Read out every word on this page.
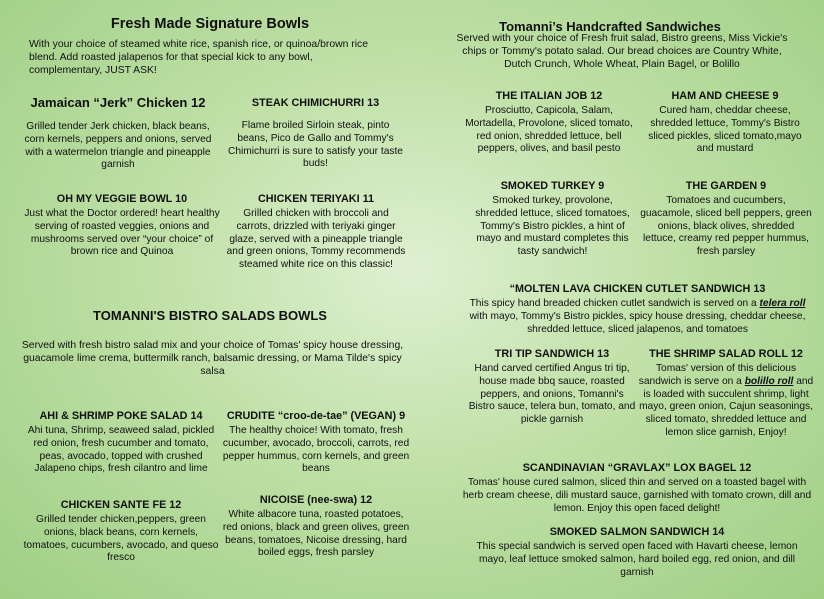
Fresh Made Signature Bowls
With your choice of steamed white rice, spanish rice, or quinoa/brown rice blend. Add roasted jalapenos for that special kick to any bowl, complementary, JUST ASK!
Jamaican “Jerk” Chicken 12
Grilled tender Jerk chicken, black beans, corn kernels, peppers and onions, served with a watermelon triangle and pineapple garnish
STEAK CHIMICHURRI 13
Flame broiled Sirloin steak, pinto beans, Pico de Gallo and Tommy's Chimichurri is sure to satisfy your taste buds!
OH MY VEGGIE BOWL 10
Just what the Doctor ordered! heart healthy serving of roasted veggies, onions and mushrooms served over “your choice” of brown rice and Quinoa
CHICKEN TERIYAKI 11
Grilled chicken with broccoli and carrots, drizzled with teriyaki ginger glaze, served with a pineapple triangle and green onions, Tommy recommends steamed white rice on this classic!
TOMANNI'S BISTRO SALADS BOWLS
Served with fresh bistro salad mix and your choice of Tomas' spicy house dressing, guacamole lime crema, buttermilk ranch, balsamic dressing, or Mama Tilde's spicy salsa
AHI & SHRIMP POKE SALAD 14
Ahi tuna, Shrimp, seaweed salad, pickled red onion, fresh cucumber and tomato, peas, avocado, topped with crushed Jalapeno chips, fresh cilantro and lime
CRUDITE “croo-de-tae” (VEGAN) 9
The healthy choice! With tomato, fresh cucumber, avocado, broccoli, carrots, red pepper hummus, corn kernels, and green beans
CHICKEN SANTE FE 12
Grilled tender chicken,peppers, green onions, black beans, corn kernels, tomatoes, cucumbers, avocado, and queso fresco
NICOISE (nee-swa) 12
White albacore tuna, roasted potatoes, red onions, black and green olives, green beans, tomatoes, Nicoise dressing, hard boiled eggs, fresh parsley
Tomanni’s Handcrafted Sandwiches
Served with your choice of Fresh fruit salad, Bistro greens, Miss Vickie's chips or Tommy's potato salad. Our bread choices are Country White, Dutch Crunch, Whole Wheat, Plain Bagel, or Bolillo
THE ITALIAN JOB 12
Prosciutto, Capicola, Salam, Mortadella, Provolone, sliced tomato, red onion, shredded lettuce, bell peppers, olives, and basil pesto
HAM AND CHEESE 9
Cured ham, cheddar cheese, shredded lettuce, Tommy's Bistro sliced pickles, sliced tomato,mayo and mustard
SMOKED TURKEY 9
Smoked turkey, provolone, shredded lettuce, sliced tomatoes, Tommy's Bistro pickles, a hint of mayo and mustard completes this tasty sandwich!
THE GARDEN 9
Tomatoes and cucumbers, guacamole, sliced bell peppers, green onions, black olives, shredded lettuce, creamy red pepper hummus, fresh parsley
“MOLTEN LAVA CHICKEN CUTLET SANDWICH 13
This spicy hand breaded chicken cutlet sandwich is served on a telera roll with mayo, Tommy's Bistro pickles, spicy house dressing, cheddar cheese, shredded lettuce, sliced jalapenos, and tomatoes
TRI TIP SANDWICH 13
Hand carved certified Angus tri tip, house made bbq sauce, roasted peppers, and onions, Tomanni's Bistro sauce, telera bun, tomato, and pickle garnish
THE SHRIMP SALAD ROLL 12
Tomas' version of this delicious sandwich is serve on a bolillo roll and is loaded with succulent shrimp, light mayo, green onion, Cajun seasonings, sliced tomato, shredded lettuce and lemon slice garnish, Enjoy!
SCANDINAVIAN “GRAVLAX” LOX BAGEL 12
Tomas' house cured salmon, sliced thin and served on a toasted bagel with herb cream cheese, dili mustard sauce, garnished with tomato crown, dill and lemon. Enjoy this open faced delight!
SMOKED SALMON SANDWICH 14
This special sandwich is served open faced with Havarti cheese, lemon mayo, leaf lettuce smoked salmon, hard boiled egg, red onion, and dill garnish
